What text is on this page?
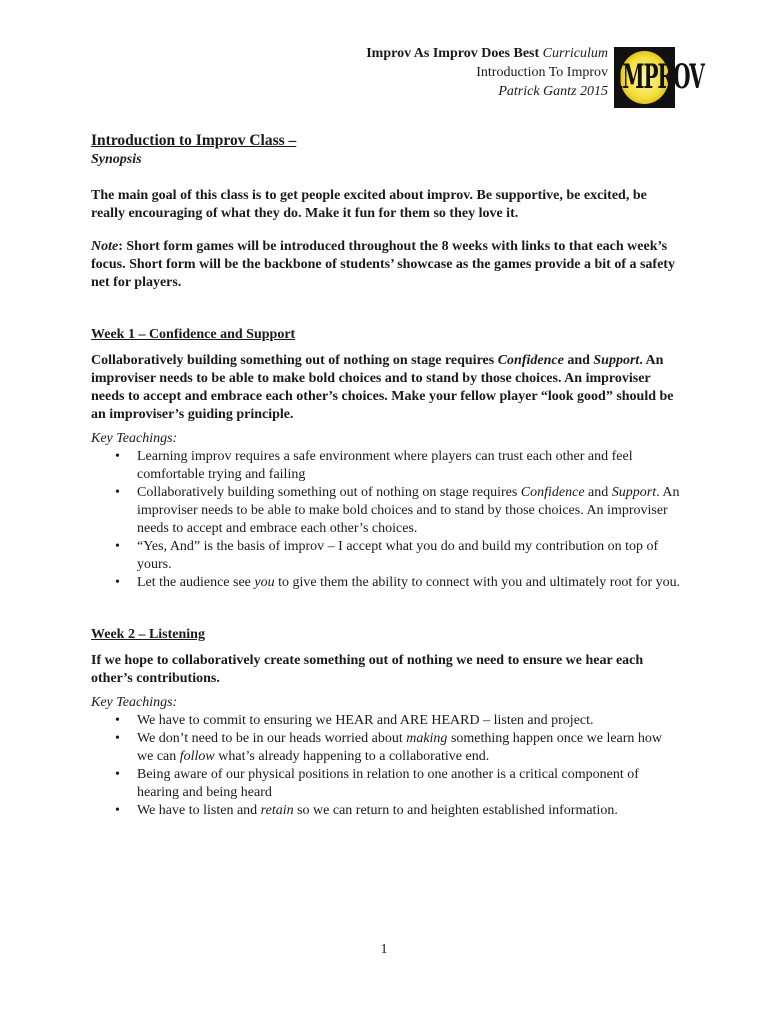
Improv As Improv Does Best Curriculum
Introduction To Improv
Patrick Gantz 2015 IMPROV
Introduction to Improv Class –
Synopsis

The main goal of this class is to get people excited about improv. Be supportive, be excited, be really encouraging of what they do. Make it fun for them so they love it.

Note: Short form games will be introduced throughout the 8 weeks with links to that each week’s focus. Short form will be the backbone of students’ showcase as the games provide a bit of a safety net for players.

Week 1 – Confidence and Support

Collaboratively building something out of nothing on stage requires Confidence and Support. An improviser needs to be able to make bold choices and to stand by those choices. An improviser needs to accept and embrace each other’s choices. Make your fellow player “look good” should be an improviser’s guiding principle.

Key Teachings:
• Learning improv requires a safe environment where players can trust each other and feel comfortable trying and failing
• Collaboratively building something out of nothing on stage requires Confidence and Support. An improviser needs to be able to make bold choices and to stand by those choices. An improviser needs to accept and embrace each other’s choices.
• “Yes, And” is the basis of improv – I accept what you do and build my contribution on top of yours.
• Let the audience see you to give them the ability to connect with you and ultimately root for you.
Week 2 – Listening

If we hope to collaboratively create something out of nothing we need to ensure we hear each other’s contributions.

Key Teachings:
• We have to commit to ensuring we HEAR and ARE HEARD – listen and project.
• We don’t need to be in our heads worried about making something happen once we learn how we can follow what’s already happening to a collaborative end.
• Being aware of our physical positions in relation to one another is a critical component of hearing and being heard
• We have to listen and retain so we can return to and heighten established information.
1
